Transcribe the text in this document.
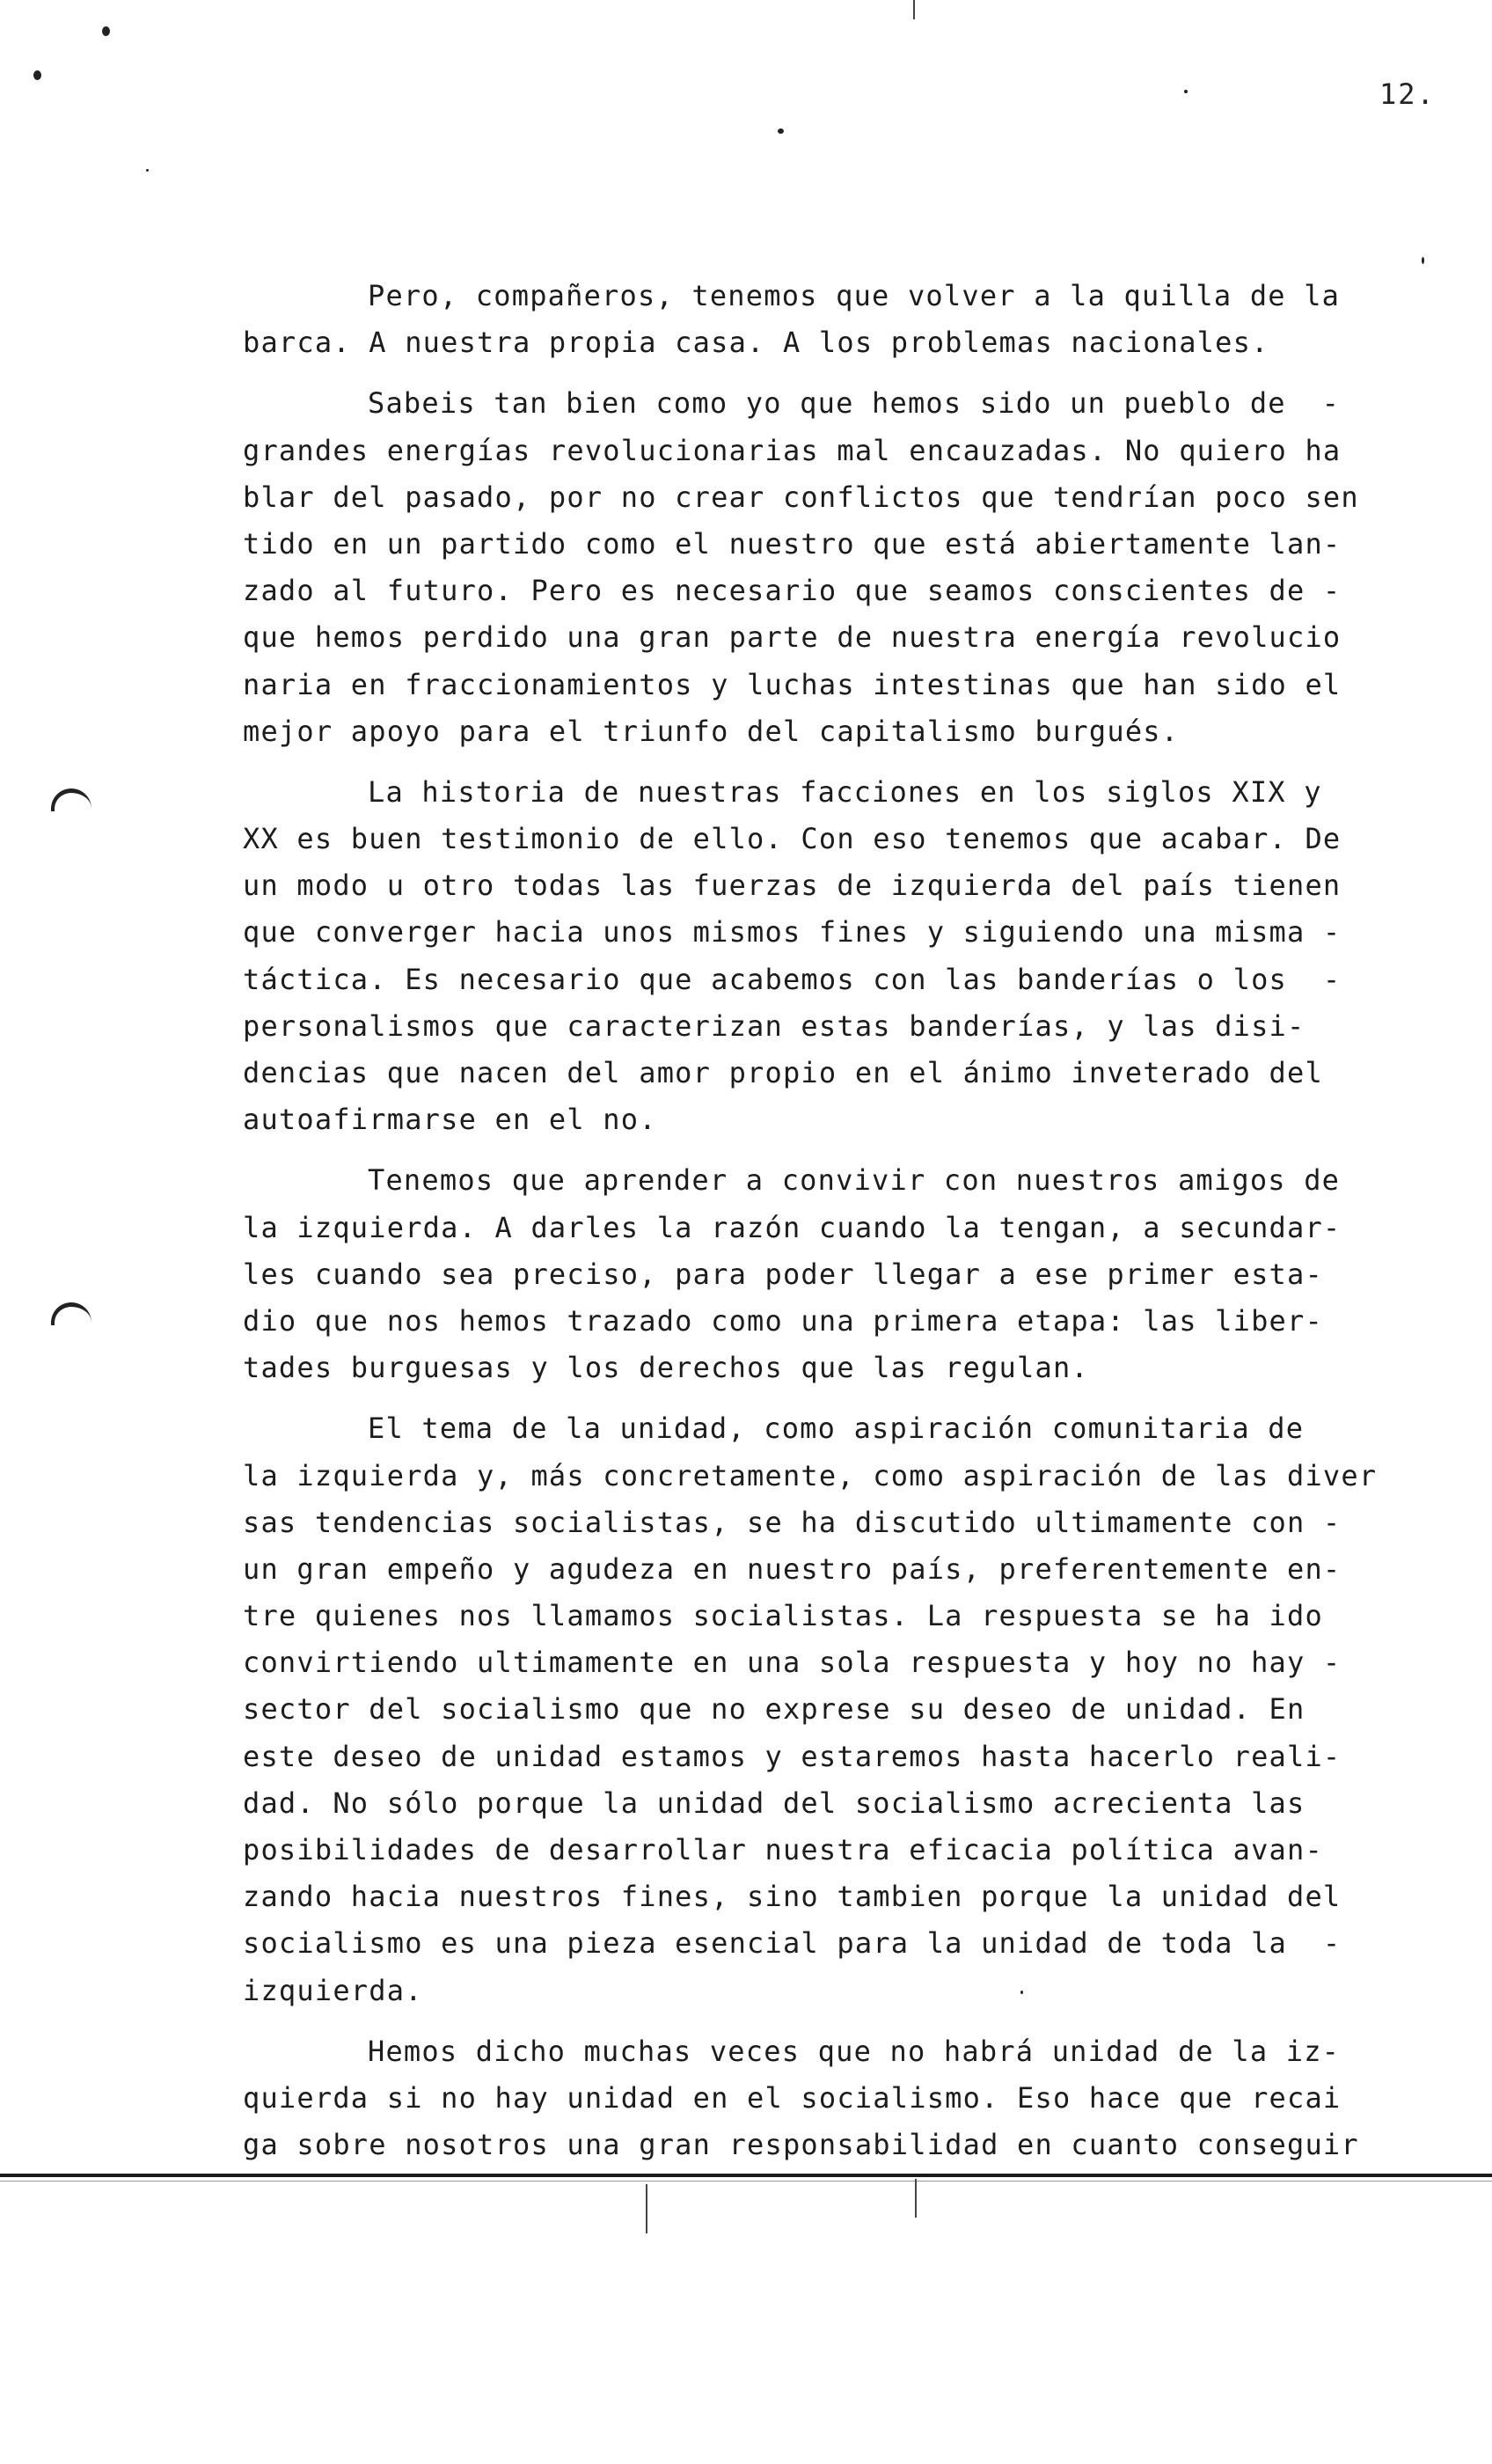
12.
Pero, compañeros, tenemos que volver a la quilla de la
barca. A nuestra propia casa. A los problemas nacionales.
Sabeis tan bien como yo que hemos sido un pueblo de  -
grandes energías revolucionarias mal encauzadas. No quiero ha
blar del pasado, por no crear conflictos que tendrían poco sen
tido en un partido como el nuestro que está abiertamente lan-
zado al futuro. Pero es necesario que seamos conscientes de -
que hemos perdido una gran parte de nuestra energía revolucio
naria en fraccionamientos y luchas intestinas que han sido el
mejor apoyo para el triunfo del capitalismo burgués.
La historia de nuestras facciones en los siglos XIX y
XX es buen testimonio de ello. Con eso tenemos que acabar. De
un modo u otro todas las fuerzas de izquierda del país tienen
que converger hacia unos mismos fines y siguiendo una misma -
táctica. Es necesario que acabemos con las banderías o los  -
personalismos que caracterizan estas banderías, y las disi-
dencias que nacen del amor propio en el ánimo inveterado del
autoafirmarse en el no.
Tenemos que aprender a convivir con nuestros amigos de
la izquierda. A darles la razón cuando la tengan, a secundar-
les cuando sea preciso, para poder llegar a ese primer esta-
dio que nos hemos trazado como una primera etapa: las liber-
tades burguesas y los derechos que las regulan.
El tema de la unidad, como aspiración comunitaria de
la izquierda y, más concretamente, como aspiración de las diver
sas tendencias socialistas, se ha discutido ultimamente con -
un gran empeño y agudeza en nuestro país, preferentemente en-
tre quienes nos llamamos socialistas. La respuesta se ha ido
convirtiendo ultimamente en una sola respuesta y hoy no hay -
sector del socialismo que no exprese su deseo de unidad. En
este deseo de unidad estamos y estaremos hasta hacerlo reali-
dad. No sólo porque la unidad del socialismo acrecienta las
posibilidades de desarrollar nuestra eficacia política avan-
zando hacia nuestros fines, sino tambien porque la unidad del
socialismo es una pieza esencial para la unidad de toda la  -
izquierda.
Hemos dicho muchas veces que no habrá unidad de la iz-
quierda si no hay unidad en el socialismo. Eso hace que recai
ga sobre nosotros una gran responsabilidad en cuanto conseguir
